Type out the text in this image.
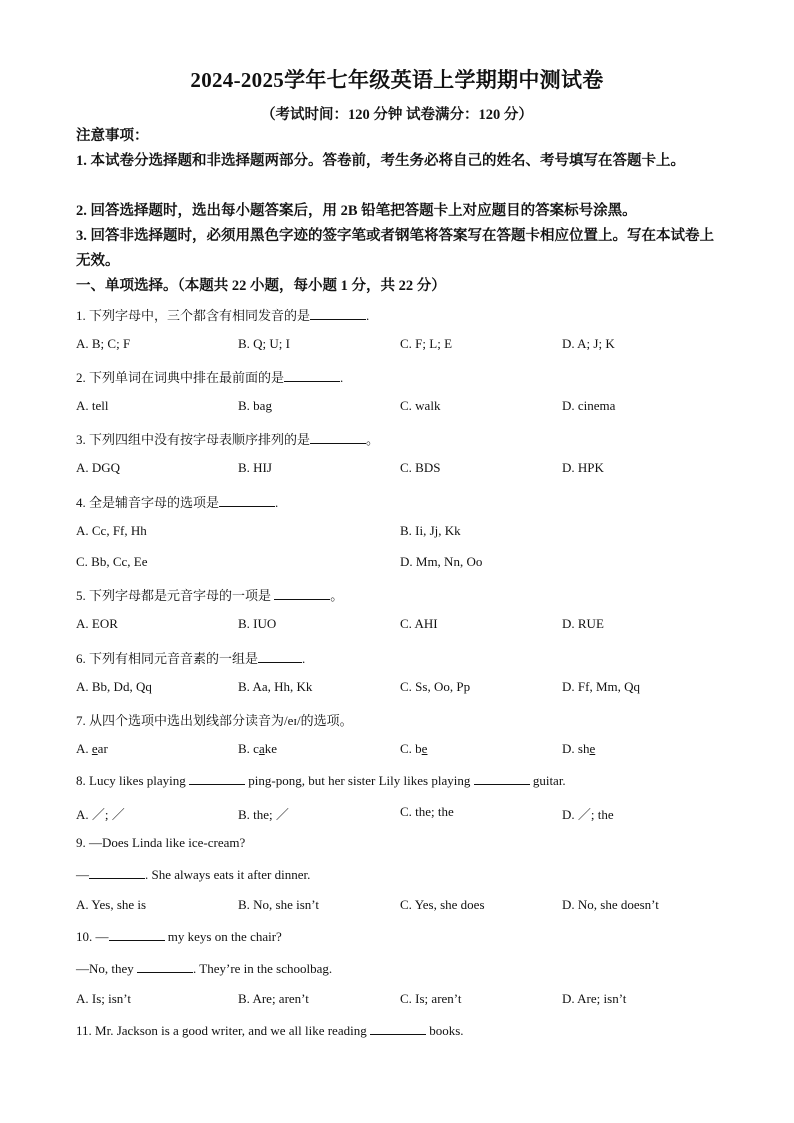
2024-2025学年七年级英语上学期期中测试卷
（考试时间：120 分钟 试卷满分：120 分）
注意事项：
1. 本试卷分选择题和非选择题两部分。答卷前，考生务必将自己的姓名、考号填写在答题卡上。
2. 回答选择题时，选出每小题答案后，用 2B 铅笔把答题卡上对应题目的答案标号涂黑。
3. 回答非选择题时，必须用黑色字迹的签字笔或者钢笔将答案写在答题卡相应位置上。写在本试卷上无效。
一、单项选择。（本题共 22 小题，每小题 1 分，共 22 分）
1. 下列字母中，三个都含有相同发音的是	.
A. B; C; F	B. Q; U; I	C. F; L; E	D. A; J; K
2. 下列单词在词典中排在最前面的是	.
A. tell	B. bag	C. walk	D. cinema
3. 下列四组中没有按字母表顺序排列的是	。
A. DGQ	B. HIJ	C. BDS	D. HPK
4. 全是辅音字母的选项是	.
A. Cc, Ff, Hh	B. Ii, Jj, Kk
C. Bb, Cc, Ee	D. Mm, Nn, Oo
5. 下列字母都是元音字母的一项是	。
A. EOR	B. IUO	C. AHI	D. RUE
6. 下列有相同元音音素的一组是	.
A. Bb, Dd, Qq	B. Aa, Hh, Kk	C. Ss, Oo, Pp	D. Ff, Mm, Qq
7. 从四个选项中选出划线部分读音为/eɪ/的选项。
A. ear	B. cake	C. be	D. she
8. Lucy likes playing	ping-pong, but her sister Lily likes playing	guitar.
A. ／; ／	B. the; ／	C. the; the	D. ／; the
9. —Does Linda like ice-cream?
—	. She always eats it after dinner.
A. Yes, she is	B. No, she isn’t	C. Yes, she does	D. No, she doesn’t
10. —	my keys on the chair?
—No, they	. They’re in the schoolbag.
A. Is; isn’t	B. Are; aren’t	C. Is; aren’t	D. Are; isn’t
11. Mr. Jackson is a good writer, and we all like reading	books.
